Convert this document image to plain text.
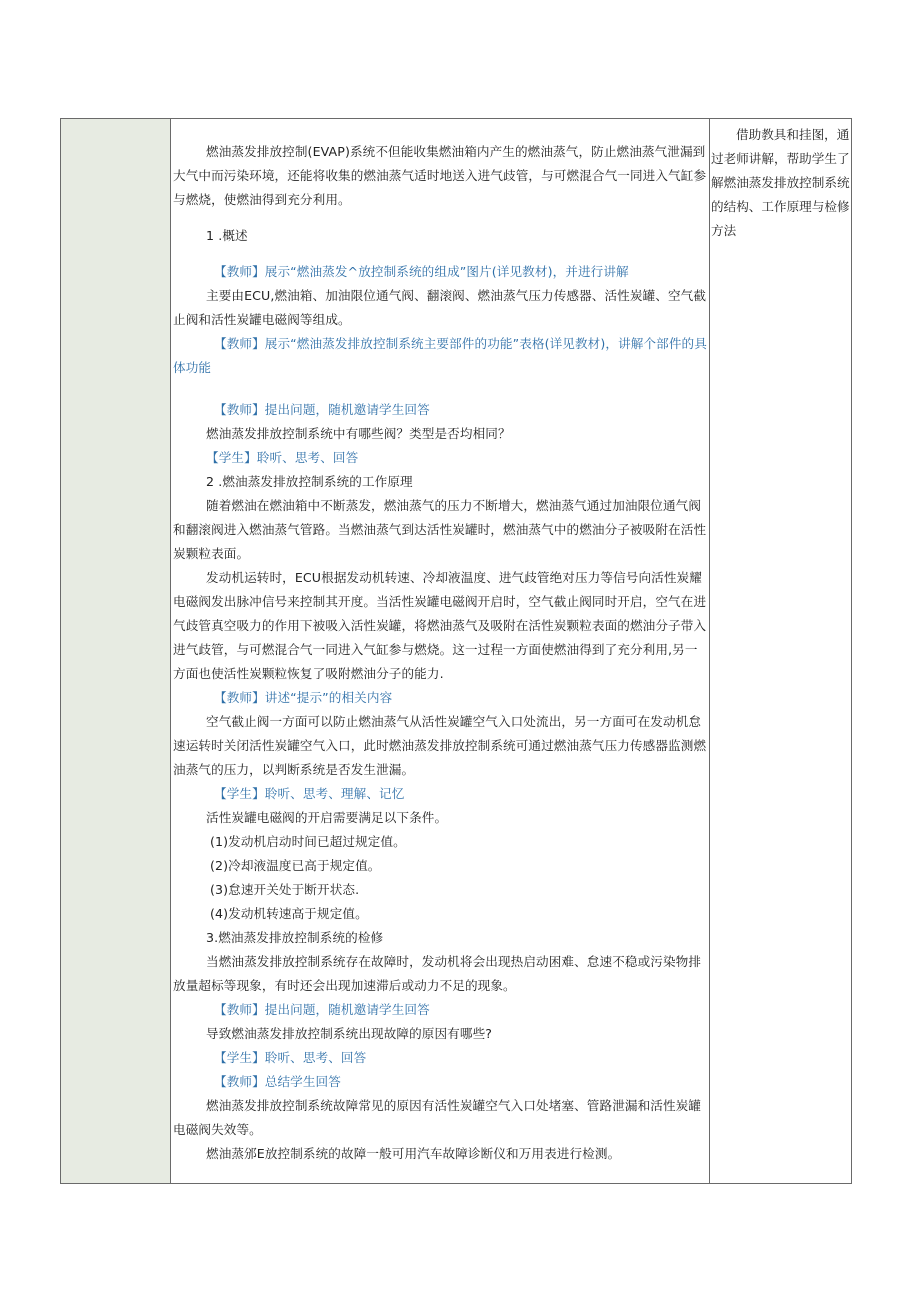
燃油蒸发排放控制(EVAP)系统不但能收集燃油箱内产生的燃油蒸气，防止燃油蒸气泄漏到大气中而污染环境，还能将收集的燃油蒸气适时地送入进气歧管，与可燃混合气一同进入气缸参与燃烧，使燃油得到充分利用。

1 .概述

【教师】展示“燃油蒸发^放控制系统的组成”图片(详见教材)，并进行讲解

主要由ECU,燃油箱、加油限位通气阀、翻滚阀、燃油蒸气压力传感器、活性炭罐、空气截止阀和活性炭罐电磁阀等组成。

【教师】展示“燃油蒸发排放控制系统主要部件的功能”表格(详见教材)，讲解个部件的具体功能

【教师】提出问题，随机邀请学生回答

燃油蒸发排放控制系统中有哪些阀？类型是否均相同？

【学生】聆听、思考、回答

2 .燃油蒸发排放控制系统的工作原理

随着燃油在燃油箱中不断蒸发，燃油蒸气的压力不断增大，燃油蒸气通过加油限位通气阀和翻滚阀进入燃油蒸气管路。当燃油蒸气到达活性炭罐时，燃油蒸气中的燃油分子被吸附在活性炭颗粒表面。

发动机运转时，ECU根据发动机转速、冷却液温度、进气歧管绝对压力等信号向活性炭耀电磁阀发出脉冲信号来控制其开度。当活性炭罐电磁阀开启时，空气截止阀同时开启，空气在进气歧管真空吸力的作用下被吸入活性炭罐，将燃油蒸气及吸附在活性炭颗粒表面的燃油分子带入进气歧管，与可燃混合气一同进入气缸参与燃烧。这一过程一方面使燃油得到了充分利用,另一方面也使活性炭颗粒恢复了吸附燃油分子的能力.

【教师】讲述“提示”的相关内容

空气截止阀一方面可以防止燃油蒸气从活性炭罐空气入口处流出，另一方面可在发动机怠速运转时关闭活性炭罐空气入口，此时燃油蒸发排放控制系统可通过燃油蒸气压力传感器监测燃油蒸气的压力，以判断系统是否发生泄漏。

【学生】聆听、思考、理解、记忆

活性炭罐电磁阀的开启需要满足以下条件。

(1)发动机启动时间已超过规定值。

(2)冷却液温度已高于规定值。

(3)怠速开关处于断开状态.

(4)发动机转速高于规定值。

3.燃油蒸发排放控制系统的检修

当燃油蒸发排放控制系统存在故障时，发动机将会出现热启动困难、怠速不稳或污染物排放量超标等现象，有时还会出现加速滞后或动力不足的现象。

【教师】提出问题，随机邀请学生回答

导致燃油蒸发排放控制系统出现故障的原因有哪些?

【学生】聆听、思考、回答

【教师】总结学生回答

燃油蒸发排放控制系统故障常见的原因有活性炭罐空气入口处堵塞、管路泄漏和活性炭罐电磁阀失效等。

燃油蒸邠E放控制系统的故障一般可用汽车故障诊断仪和万用表进行检测。

借助教具和挂图，通过老师讲解，帮助学生了解燃油蒸发排放控制系统的结构、工作原理与检修方法
